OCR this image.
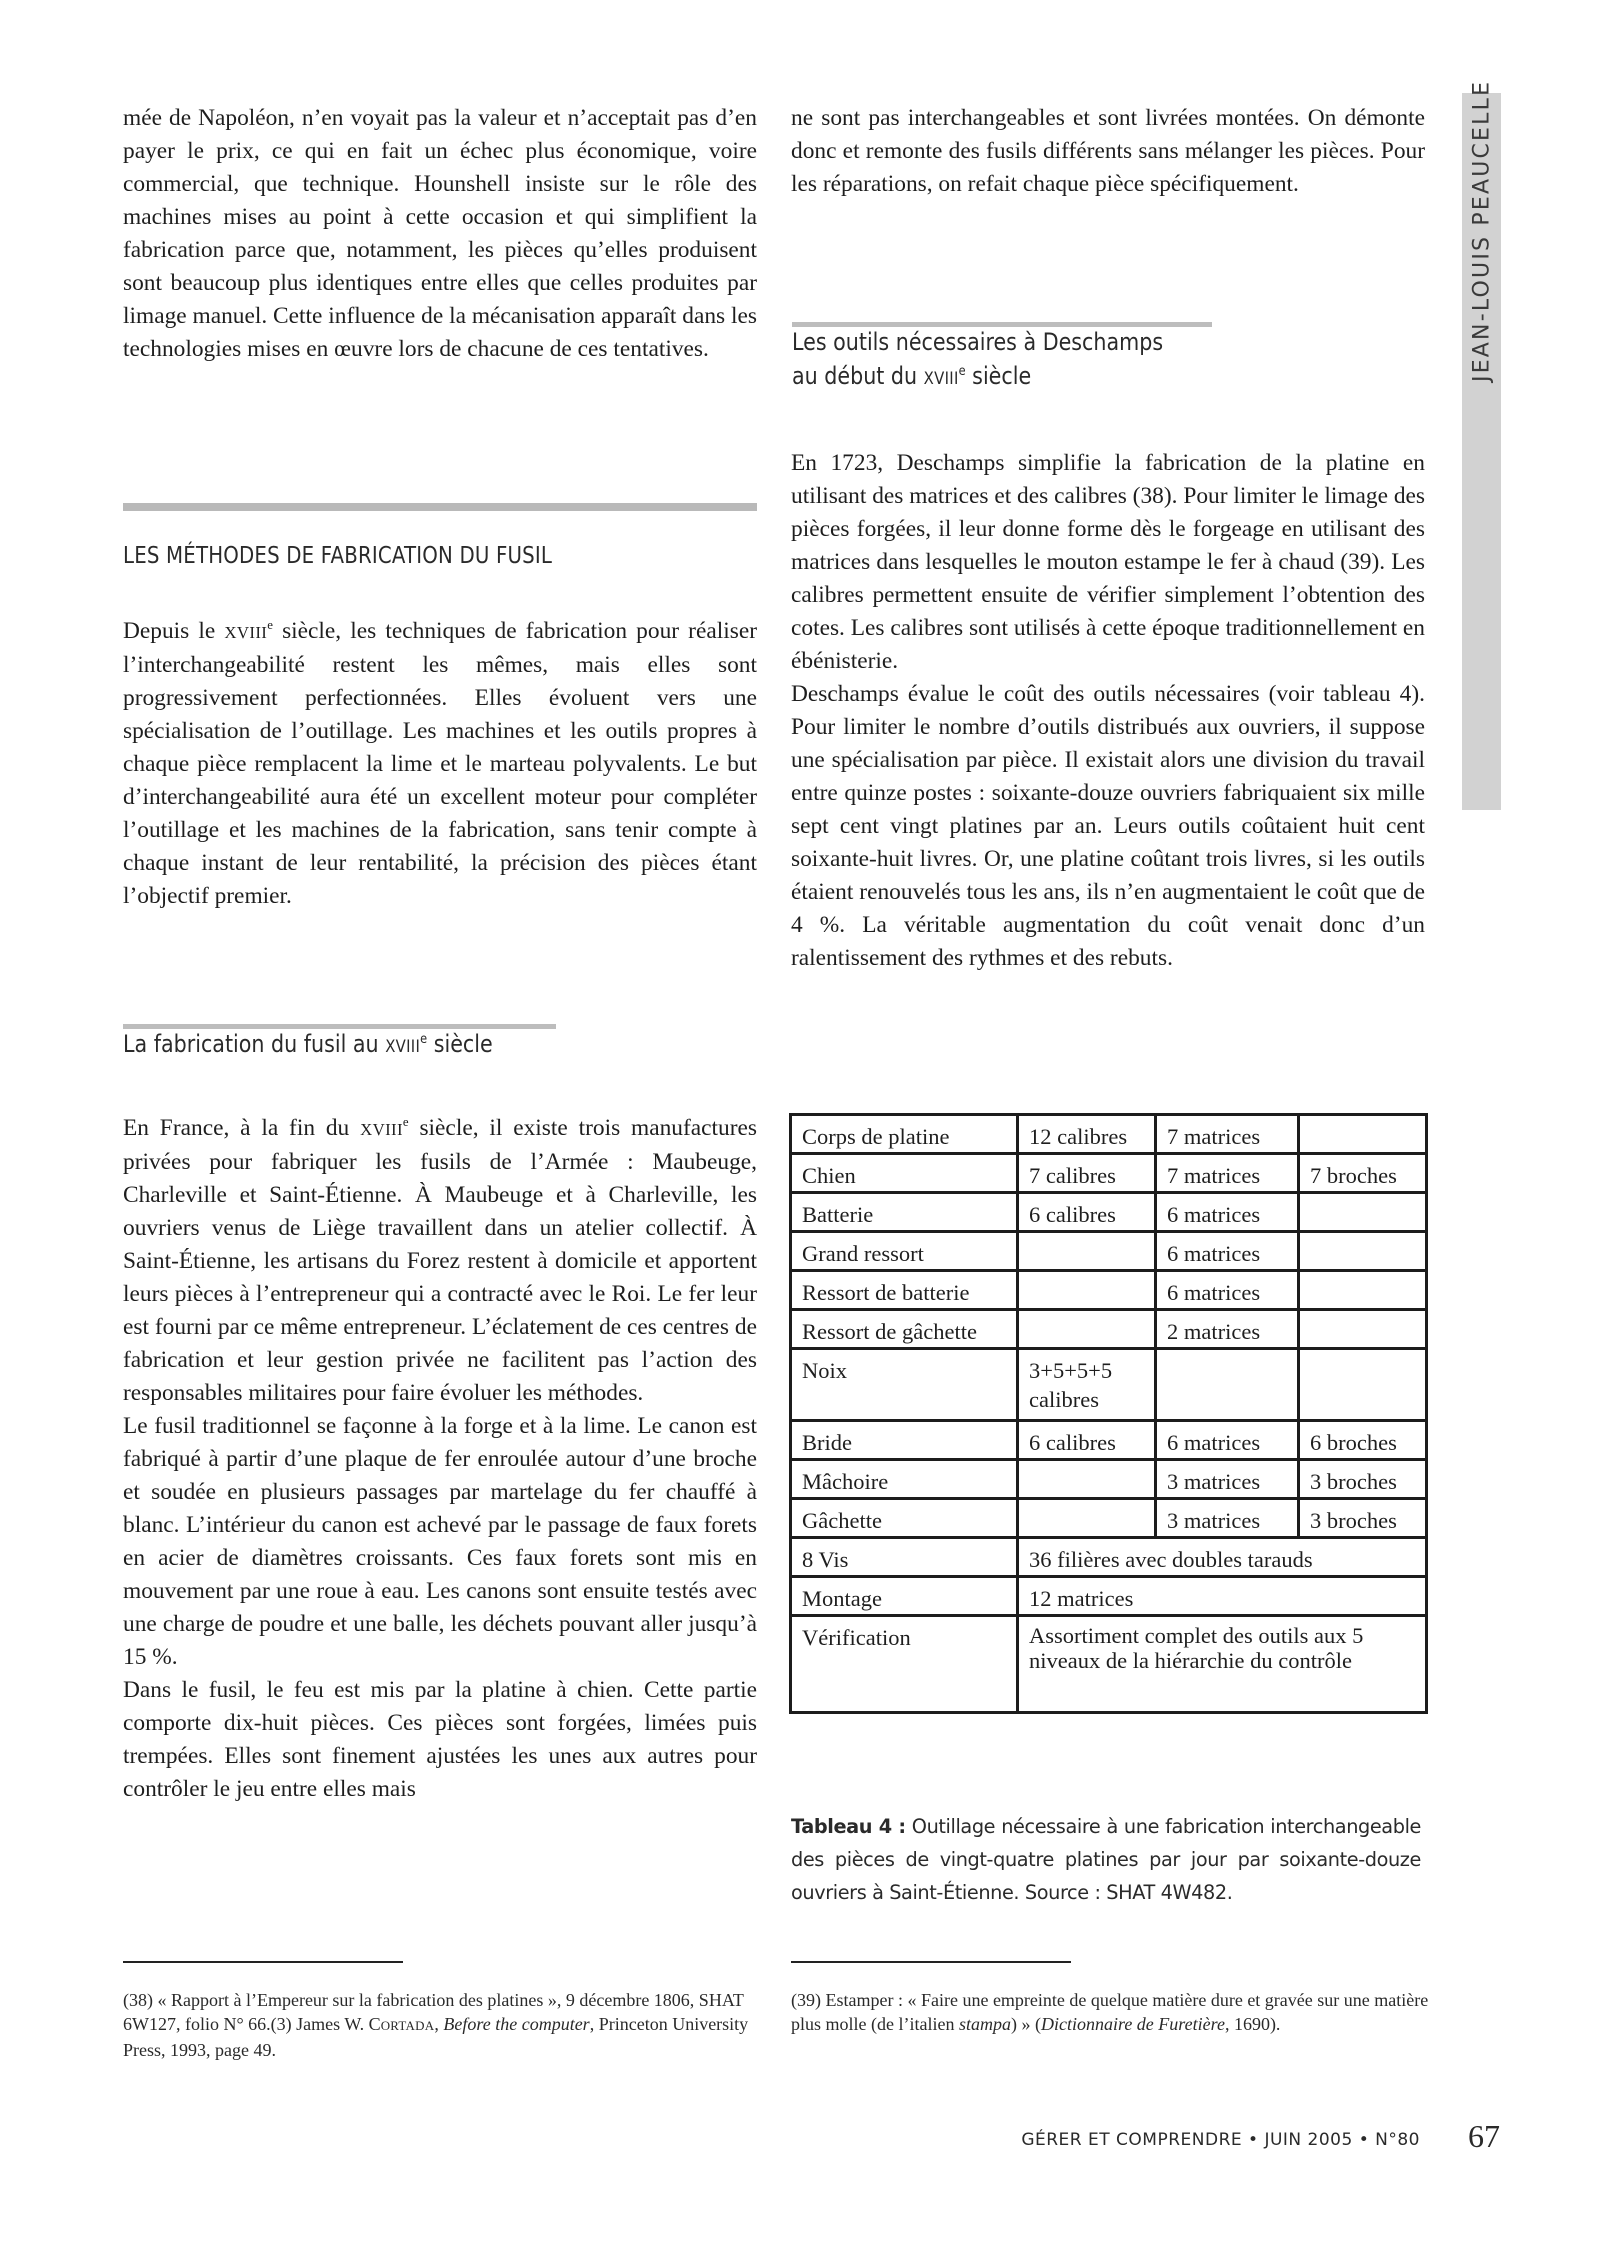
JEAN-LOUIS PEAUCELLE

mée de Napoléon, n’en voyait pas la valeur et n’acceptait pas d’en payer le prix, ce qui en fait un échec plus économique, voire commercial, que technique. Hounshell insiste sur le rôle des machines mises au point à cette occasion et qui simplifient la fabrication parce que, notamment, les pièces qu’elles produisent sont beaucoup plus identiques entre elles que celles produites par limage manuel. Cette influence de la mécanisation apparaît dans les technologies mises en œuvre lors de chacune de ces tentatives.

LES MÉTHODES DE FABRICATION DU FUSIL

Depuis le XVIIIe siècle, les techniques de fabrication pour réaliser l’interchangeabilité restent les mêmes, mais elles sont progressivement perfectionnées. Elles évoluent vers une spécialisation de l’outillage. Les machines et les outils propres à chaque pièce remplacent la lime et le marteau polyvalents. Le but d’interchangeabilité aura été un excellent moteur pour compléter l’outillage et les machines de la fabrication, sans tenir compte à chaque instant de leur rentabilité, la précision des pièces étant l’objectif premier.

La fabrication du fusil au XVIIIe siècle

En France, à la fin du XVIIIe siècle, il existe trois manufactures privées pour fabriquer les fusils de l’Armée : Maubeuge, Charleville et Saint-Étienne. À Maubeuge et à Charleville, les ouvriers venus de Liège travaillent dans un atelier collectif. À Saint-Étienne, les artisans du Forez restent à domicile et apportent leurs pièces à l’entrepreneur qui a contracté avec le Roi. Le fer leur est fourni par ce même entrepreneur. L’éclatement de ces centres de fabrication et leur gestion privée ne facilitent pas l’action des responsables militaires pour faire évoluer les méthodes.

Le fusil traditionnel se façonne à la forge et à la lime. Le canon est fabriqué à partir d’une plaque de fer enroulée autour d’une broche et soudée en plusieurs passages par martelage du fer chauffé à blanc. L’intérieur du canon est achevé par le passage de faux forets en acier de diamètres croissants. Ces faux forets sont mis en mouvement par une roue à eau. Les canons sont ensuite testés avec une charge de poudre et une balle, les déchets pouvant aller jusqu’à 15 %.

Dans le fusil, le feu est mis par la platine à chien. Cette partie comporte dix-huit pièces. Ces pièces sont forgées, limées puis trempées. Elles sont finement ajustées les unes aux autres pour contrôler le jeu entre elles mais

(38) « Rapport à l’Empereur sur la fabrication des platines », 9 décembre 1806, SHAT 6W127, folio N° 66.(3) James W. CORTADA, Before the computer, Princeton University Press, 1993, page 49.

ne sont pas interchangeables et sont livrées montées. On démonte donc et remonte des fusils différents sans mélanger les pièces. Pour les réparations, on refait chaque pièce spécifiquement.

Les outils nécessaires à Deschamps
au début du XVIIIe siècle

En 1723, Deschamps simplifie la fabrication de la platine en utilisant des matrices et des calibres (38). Pour limiter le limage des pièces forgées, il leur donne forme dès le forgeage en utilisant des matrices dans lesquelles le mouton estampe le fer à chaud (39). Les calibres permettent ensuite de vérifier simplement l’obtention des cotes. Les calibres sont utilisés à cette époque traditionnellement en ébénisterie.

Deschamps évalue le coût des outils nécessaires (voir tableau 4). Pour limiter le nombre d’outils distribués aux ouvriers, il suppose une spécialisation par pièce. Il existait alors une division du travail entre quinze postes : soixante-douze ouvriers fabriquaient six mille sept cent vingt platines par an. Leurs outils coûtaient huit cent soixante-huit livres. Or, une platine coûtant trois livres, si les outils étaient renouvelés tous les ans, ils n’en augmentaient le coût que de 4 %. La véritable augmentation du coût venait donc d’un ralentissement des rythmes et des rebuts.

Corps de platine	12 calibres	7 matrices	
Chien	7 calibres	7 matrices	7 broches
Batterie	6 calibres	6 matrices	
Grand ressort		6 matrices	
Ressort de batterie		6 matrices	
Ressort de gâchette		2 matrices	
Noix	3+5+5+5 calibres		
Bride	6 calibres	6 matrices	6 broches
Mâchoire		3 matrices	3 broches
Gâchette		3 matrices	3 broches
8 Vis	36 filières avec doubles tarauds		
Montage	12 matrices		
Vérification	Assortiment complet des outils aux 5 niveaux de la hiérarchie du contrôle		

Tableau 4 : Outillage nécessaire à une fabrication interchangeable des pièces de vingt-quatre platines par jour par soixante-douze ouvriers à Saint-Étienne. Source : SHAT 4W482.

(39) Estamper : « Faire une empreinte de quelque matière dure et gravée sur une matière plus molle (de l’italien stampa) » (Dictionnaire de Furetière, 1690).

GÉRER ET COMPRENDRE • JUIN 2005 • N°80 67
